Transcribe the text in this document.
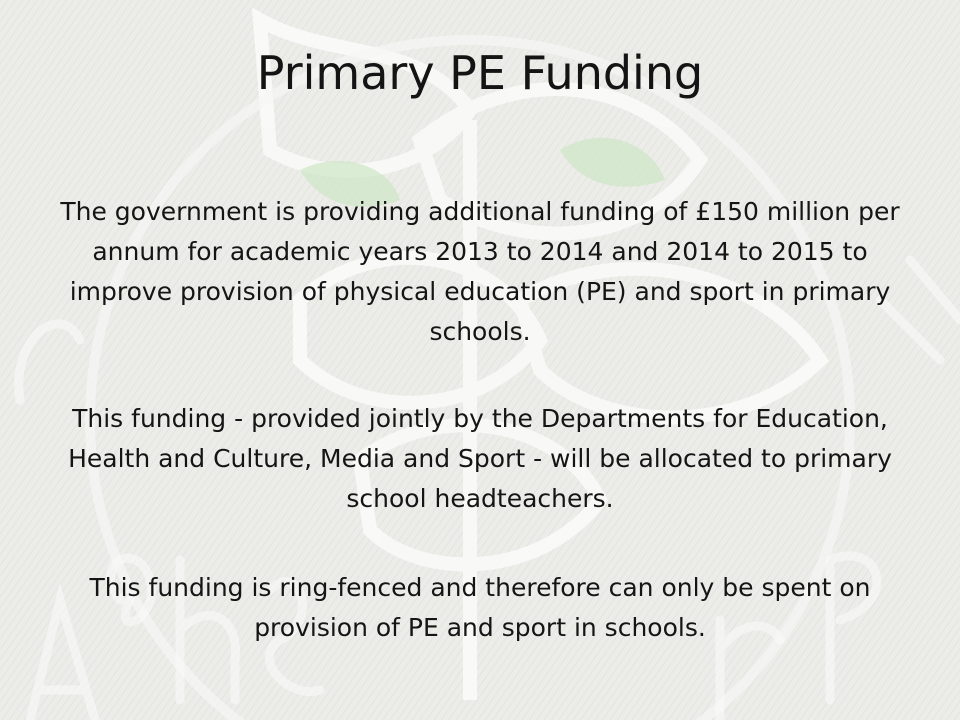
Primary PE Funding

The government is providing additional funding of £150 million per annum for academic years 2013 to 2014 and 2014 to 2015 to improve provision of physical education (PE) and sport in primary schools.

This funding - provided jointly by the Departments for Education, Health and Culture, Media and Sport - will be allocated to primary school headteachers.

This funding is ring-fenced and therefore can only be spent on provision of PE and sport in schools.
